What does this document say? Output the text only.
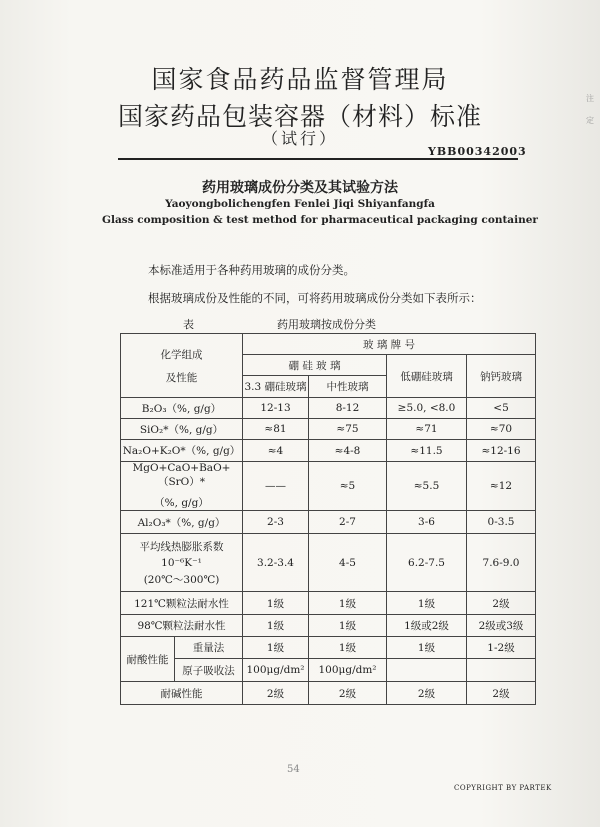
国家食品药品监督管理局
国家药品包装容器（材料）标准
（试行）
YBB00342003
药用玻璃成份分类及其试验方法
Yaoyongbolichengfen Fenlei Jiqi Shiyanfangfa
Glass composition & test method for pharmaceutical packaging container
本标准适用于各种药用玻璃的成份分类。
根据玻璃成份及性能的不同，可将药用玻璃成份分类如下表所示：
表	药用玻璃按成份分类
化学组成
及性能		玻 璃 牌 号			
		硼 硅 玻 璃		低硼硅玻璃	钠钙玻璃
		3.3 硼硅玻璃	中性玻璃		
B₂O₃（%, g/g）		12-13	8-12	≥5.0, <8.0	<5
SiO₂*（%, g/g）		≈81	≈75	≈71	≈70
Na₂O+K₂O*（%, g/g）		≈4	≈4-8	≈11.5	≈12-16

MgO+CaO+BaO+（SrO）*
（%, g/g）		——	≈5	≈5.5	≈12
Al₂O₃*（%, g/g）		2-3	2-7	3-6	0-3.5

平均线热膨胀系数
10⁻⁶K⁻¹
(20℃～300℃)		3.2-3.4	4-5	6.2-7.5	7.6-9.0
121℃颗粒法耐水性		1级	1级	1级	2级
98℃颗粒法耐水性		1级	1级	1级或2级	2级或3级
耐酸性能	重量法	1级	1级	1级	1-2级
	原子吸收法	100μg/dm²	100μg/dm²		
耐碱性能		2级	2级	2级	2级
注
定
54
COPYRIGHT BY PARTEK
